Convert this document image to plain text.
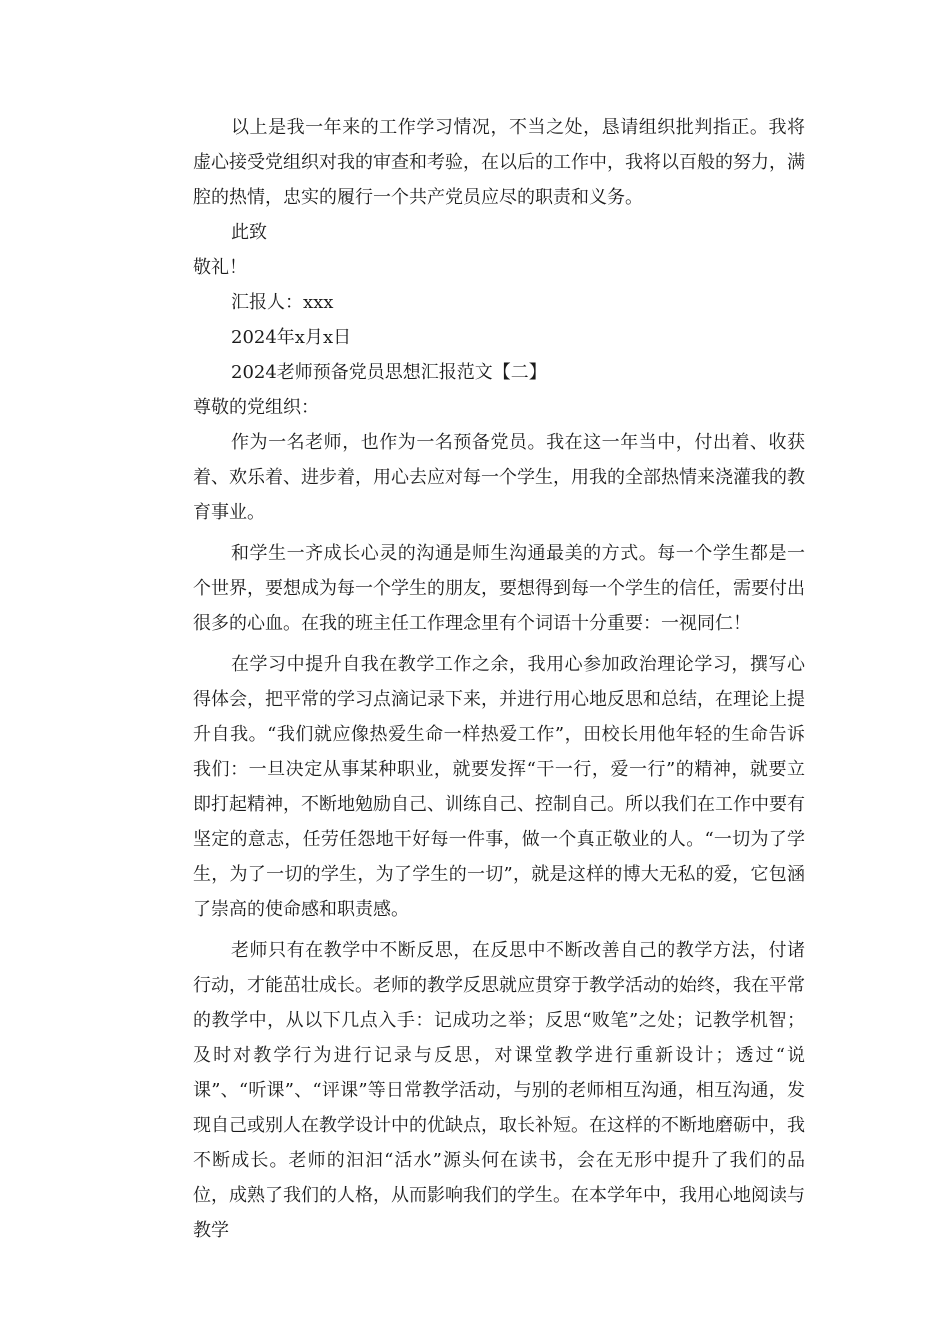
以上是我一年来的工作学习情况，不当之处，恳请组织批判指正。我将虚心接受党组织对我的审查和考验，在以后的工作中，我将以百般的努力，满腔的热情，忠实的履行一个共产党员应尽的职责和义务。

此致

敬礼！

汇报人：xxx

2024年x月x日

2024老师预备党员思想汇报范文【二】

尊敬的党组织：

作为一名老师，也作为一名预备党员。我在这一年当中，付出着、收获着、欢乐着、进步着，用心去应对每一个学生，用我的全部热情来浇灌我的教育事业。

和学生一齐成长心灵的沟通是师生沟通最美的方式。每一个学生都是一个世界，要想成为每一个学生的朋友，要想得到每一个学生的信任，需要付出很多的心血。在我的班主任工作理念里有个词语十分重要：一视同仁！

在学习中提升自我在教学工作之余，我用心参加政治理论学习，撰写心得体会，把平常的学习点滴记录下来，并进行用心地反思和总结，在理论上提升自我。“我们就应像热爱生命一样热爱工作”，田校长用他年轻的生命告诉我们：一旦决定从事某种职业，就要发挥“干一行，爱一行”的精神，就要立即打起精神，不断地勉励自己、训练自己、控制自己。所以我们在工作中要有坚定的意志，任劳任怨地干好每一件事，做一个真正敬业的人。“一切为了学生，为了一切的学生，为了学生的一切”，就是这样的博大无私的爱，它包涵了崇高的使命感和职责感。

老师只有在教学中不断反思，在反思中不断改善自己的教学方法，付诸行动，才能茁壮成长。老师的教学反思就应贯穿于教学活动的始终，我在平常的教学中，从以下几点入手：记成功之举；反思“败笔”之处；记教学机智；及时对教学行为进行记录与反思，对课堂教学进行重新设计；透过“说课”、“听课”、“评课”等日常教学活动，与别的老师相互沟通，相互沟通，发现自己或别人在教学设计中的优缺点，取长补短。在这样的不断地磨砺中，我不断成长。老师的汩汩“活水”源头何在读书，会在无形中提升了我们的品位，成熟了我们的人格，从而影响我们的学生。在本学年中，我用心地阅读与教学
